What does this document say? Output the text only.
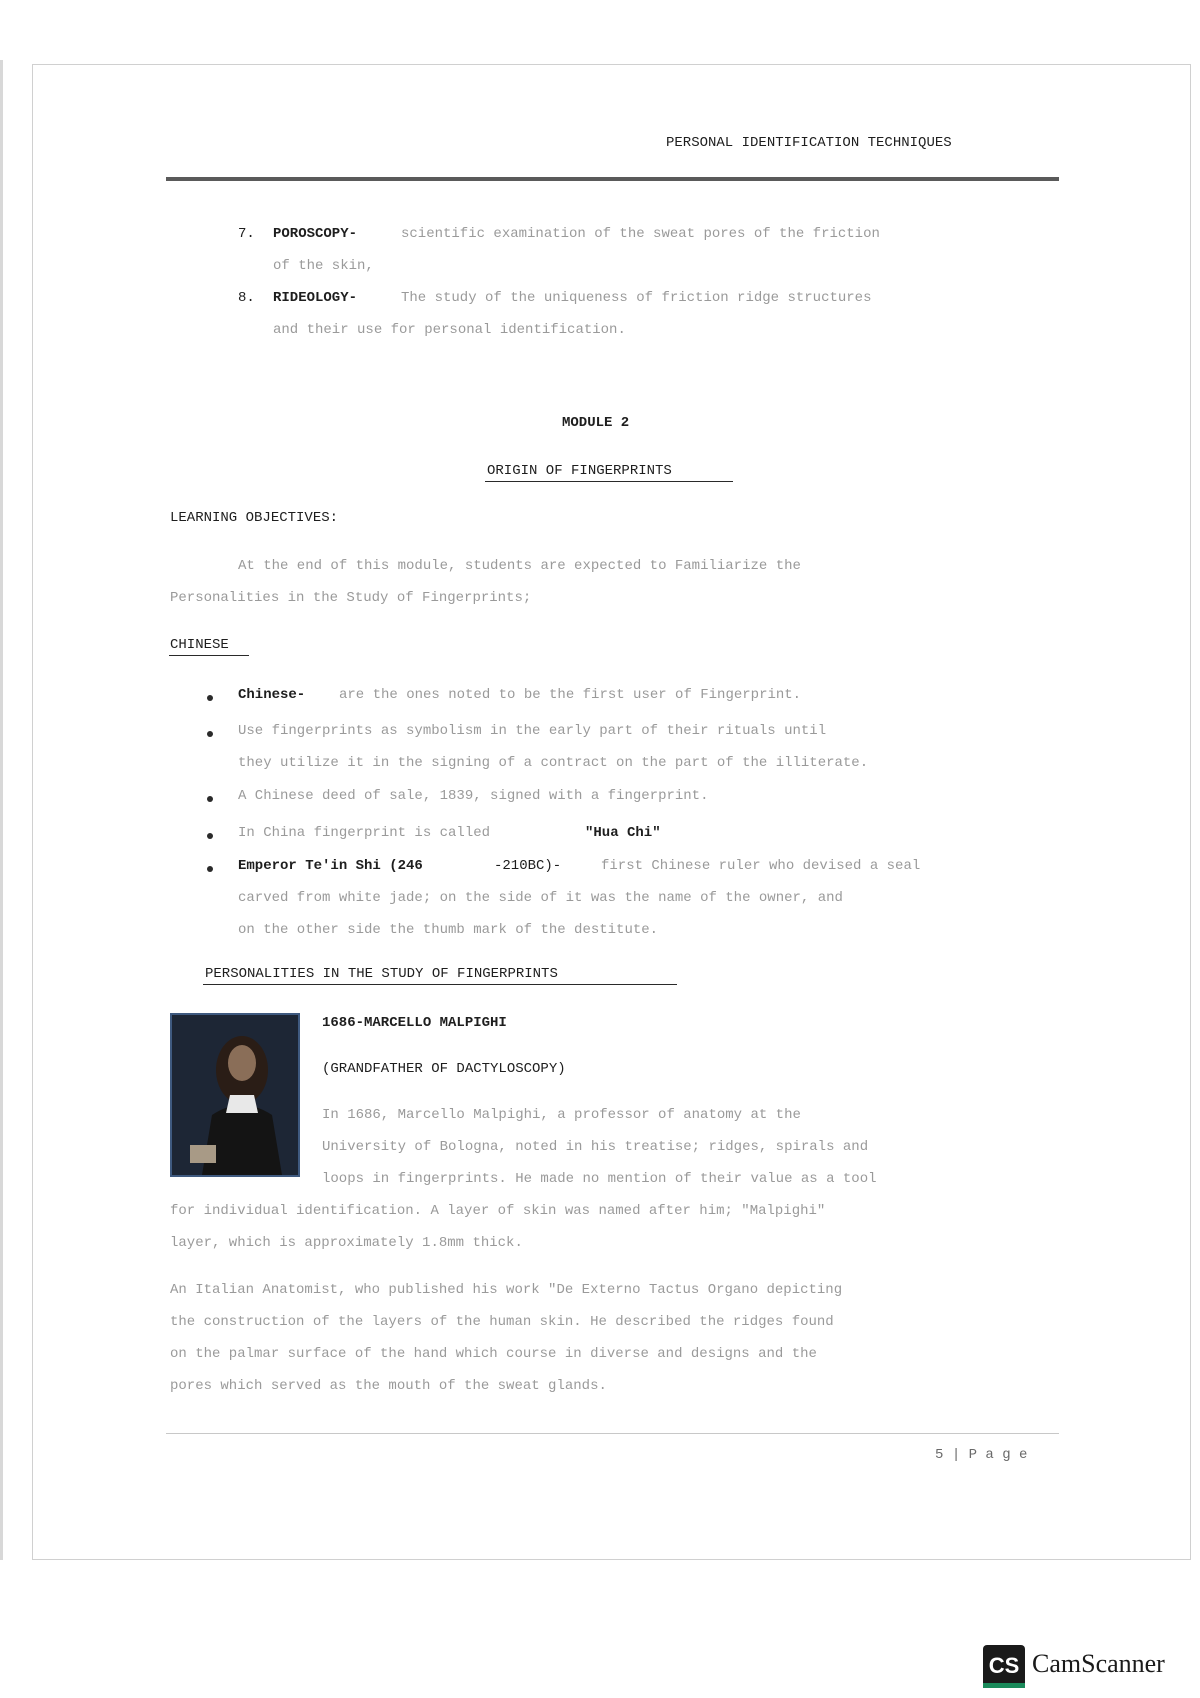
PERSONAL IDENTIFICATION TECHNIQUES
7. POROSCOPY-	scientific examination of the sweat pores of the friction
of the skin,
8. RIDEOLOGY-	The study of the uniqueness of friction ridge structures
and their use for personal identification.
MODULE 2
ORIGIN OF FINGERPRINTS
LEARNING OBJECTIVES:
At the end of this module, students are expected to Familiarize the
Personalities in the Study of Fingerprints;
CHINESE
Chinese- are the ones noted to be the first user of Fingerprint.
Use fingerprints as symbolism in the early part of their rituals until
they utilize it in the signing of a contract on the part of the illiterate.
A Chinese deed of sale, 1839, signed with a fingerprint.
In China fingerprint is called	"Hua Chi"
Emperor Te'in Shi (246	-210BC)-	first Chinese ruler who devised a seal
carved from white jade; on the side of it was the name of the owner, and
on the other side the thumb mark of the destitute.
PERSONALITIES IN THE STUDY OF FINGERPRINTS
1686-MARCELLO MALPIGHI
(GRANDFATHER OF DACTYLOSCOPY)
In 1686, Marcello Malpighi, a professor of anatomy at the
University of Bologna, noted in his treatise; ridges, spirals and
loops in fingerprints. He made no mention of their value as a tool
for individual identification. A layer of skin was named after him; "Malpighi"
layer, which is approximately 1.8mm thick.
An Italian Anatomist, who published his work "De Externo Tactus Organo depicting
the construction of the layers of the human skin. He described the ridges found
on the palmar surface of the hand which course in diverse and designs and the
pores which served as the mouth of the sweat glands.
5 | P a g e
CS CamScanner
